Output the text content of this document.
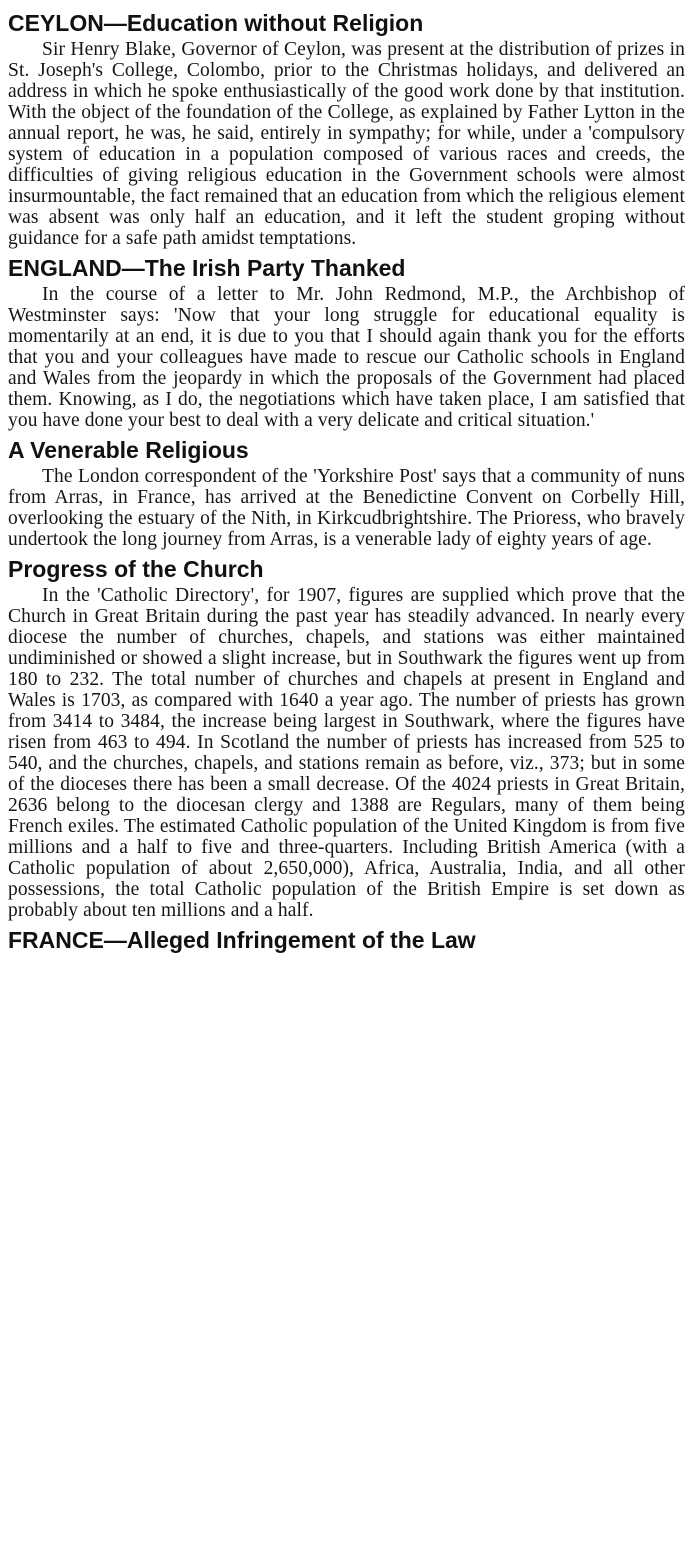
CEYLON—Education without Religion

Sir Henry Blake, Governor of Ceylon, was present at the distribution of prizes in St. Joseph's College, Colombo, prior to the Christmas holidays, and delivered an address in which he spoke enthusiastically of the good work done by that institution. With the object of the foundation of the College, as explained by Father Lytton in the annual report, he was, he said, entirely in sympathy; for while, under a 'compulsory system of education in a population composed of various races and creeds, the difficulties of giving religious education in the Government schools were almost insurmountable, the fact remained that an education from which the religious element was absent was only half an education, and it left the student groping without guidance for a safe path amidst temptations.

ENGLAND—The Irish Party Thanked

In the course of a letter to Mr. John Redmond, M.P., the Archbishop of Westminster says: 'Now that your long struggle for educational equality is momentarily at an end, it is due to you that I should again thank you for the efforts that you and your colleagues have made to rescue our Catholic schools in England and Wales from the jeopardy in which the proposals of the Government had placed them. Knowing, as I do, the negotiations which have taken place, I am satisfied that you have done your best to deal with a very delicate and critical situation.'

A Venerable Religious

The London correspondent of the 'Yorkshire Post' says that a community of nuns from Arras, in France, has arrived at the Benedictine Convent on Corbelly Hill, overlooking the estuary of the Nith, in Kirkcudbrightshire. The Prioress, who bravely undertook the long journey from Arras, is a venerable lady of eighty years of age.

Progress of the Church

In the 'Catholic Directory', for 1907, figures are supplied which prove that the Church in Great Britain during the past year has steadily advanced. In nearly every diocese the number of churches, chapels, and stations was either maintained undiminished or showed a slight increase, but in Southwark the figures went up from 180 to 232. The total number of churches and chapels at present in England and Wales is 1703, as compared with 1640 a year ago. The number of priests has grown from 3414 to 3484, the increase being largest in Southwark, where the figures have risen from 463 to 494. In Scotland the number of priests has increased from 525 to 540, and the churches, chapels, and stations remain as before, viz., 373; but in some of the dioceses there has been a small decrease. Of the 4024 priests in Great Britain, 2636 belong to the diocesan clergy and 1388 are Regulars, many of them being French exiles. The estimated Catholic population of the United Kingdom is from five millions and a half to five and three-quarters. Including British America (with a Catholic population of about 2,650,000), Africa, Australia, India, and all other possessions, the total Catholic population of the British Empire is set down as probably about ten millions and a half.

FRANCE—Alleged Infringement of the Law
